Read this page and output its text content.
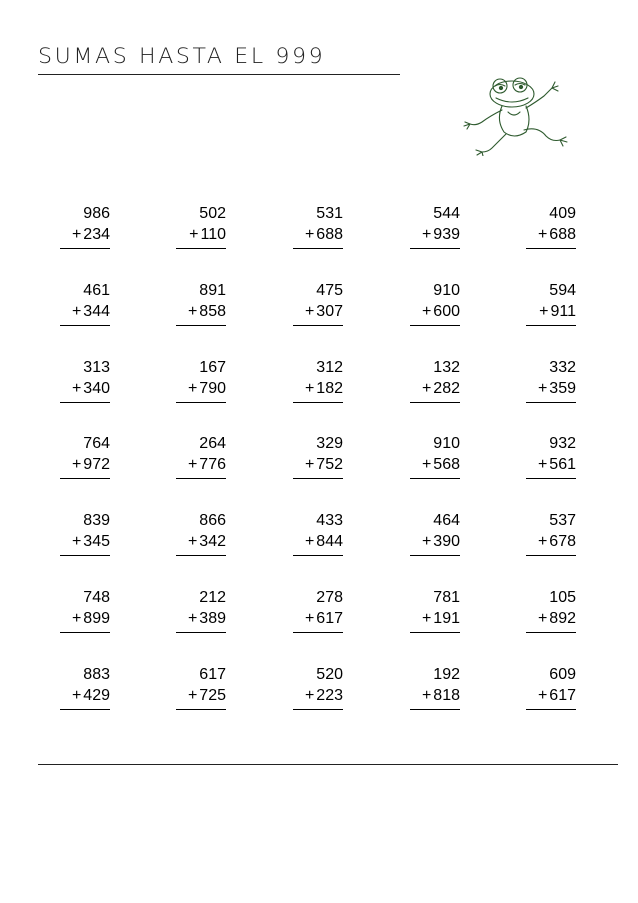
SUMAS HASTA EL 999
986
+ 234
502
+ 110
531
+ 688
544
+ 939
409
+ 688
461
+ 344
891
+ 858
475
+ 307
910
+ 600
594
+ 911
313
+ 340
167
+ 790
312
+ 182
132
+ 282
332
+ 359
764
+ 972
264
+ 776
329
+ 752
910
+ 568
932
+ 561
839
+ 345
866
+ 342
433
+ 844
464
+ 390
537
+ 678
748
+ 899
212
+ 389
278
+ 617
781
+ 191
105
+ 892
883
+ 429
617
+ 725
520
+ 223
192
+ 818
609
+ 617
